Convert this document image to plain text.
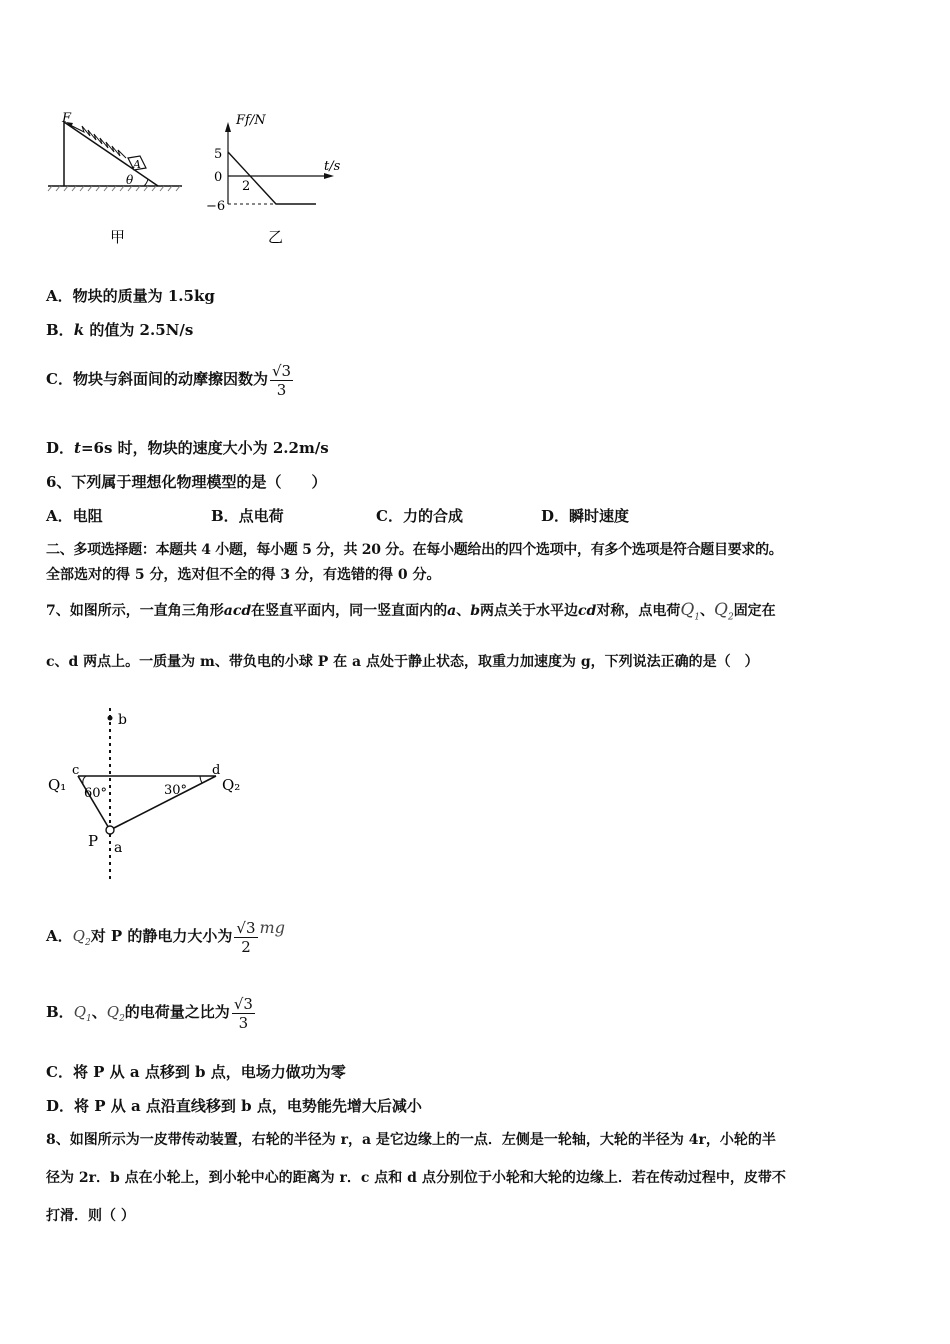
A
F
θ
甲
Ff/N
t/s
5
0
−6
2
乙
A．物块的质量为 1.5kg
B．k 的值为 2.5N/s
C．物块与斜面间的动摩擦因数为 $\frac{√3}{3}$
D．t=6s 时，物块的速度大小为 2.2m/s
6、下列属于理想化物理模型的是（　　）
A．电阻	B．点电荷	C．力的合成	D．瞬时速度
二、多项选择题：本题共 4 小题，每小题 5 分，共 20 分。在每小题给出的四个选项中，有多个选项是符合题目要求的。
全部选对的得 5 分，选对但不全的得 3 分，有选错的得 0 分。
7、如图所示，一直角三角形acd在竖直平面内，同一竖直面内的a、b两点关于水平边cd对称，点电荷$Q_1$、$Q_2$固定在
c、d 两点上。一质量为 m、带负电的小球 P 在 a 点处于静止状态，取重力加速度为 g，下列说法正确的是（　）
b
c	d
Q₁	Q₂
60°	30°
P a
A．$Q_2$对 P 的静电力大小为 $\frac{√3}{2}$ mg
B．$Q_1$、$Q_2$的电荷量之比为 $\frac{√3}{3}$
C．将 P 从 a 点移到 b 点，电场力做功为零
D．将 P 从 a 点沿直线移到 b 点，电势能先增大后减小
8、如图所示为一皮带传动装置，右轮的半径为 r，a 是它边缘上的一点．左侧是一轮轴，大轮的半径为 4r，小轮的半
径为 2r．b 点在小轮上，到小轮中心的距离为 r．c 点和 d 点分别位于小轮和大轮的边缘上．若在传动过程中，皮带不
打滑．则（ ）
